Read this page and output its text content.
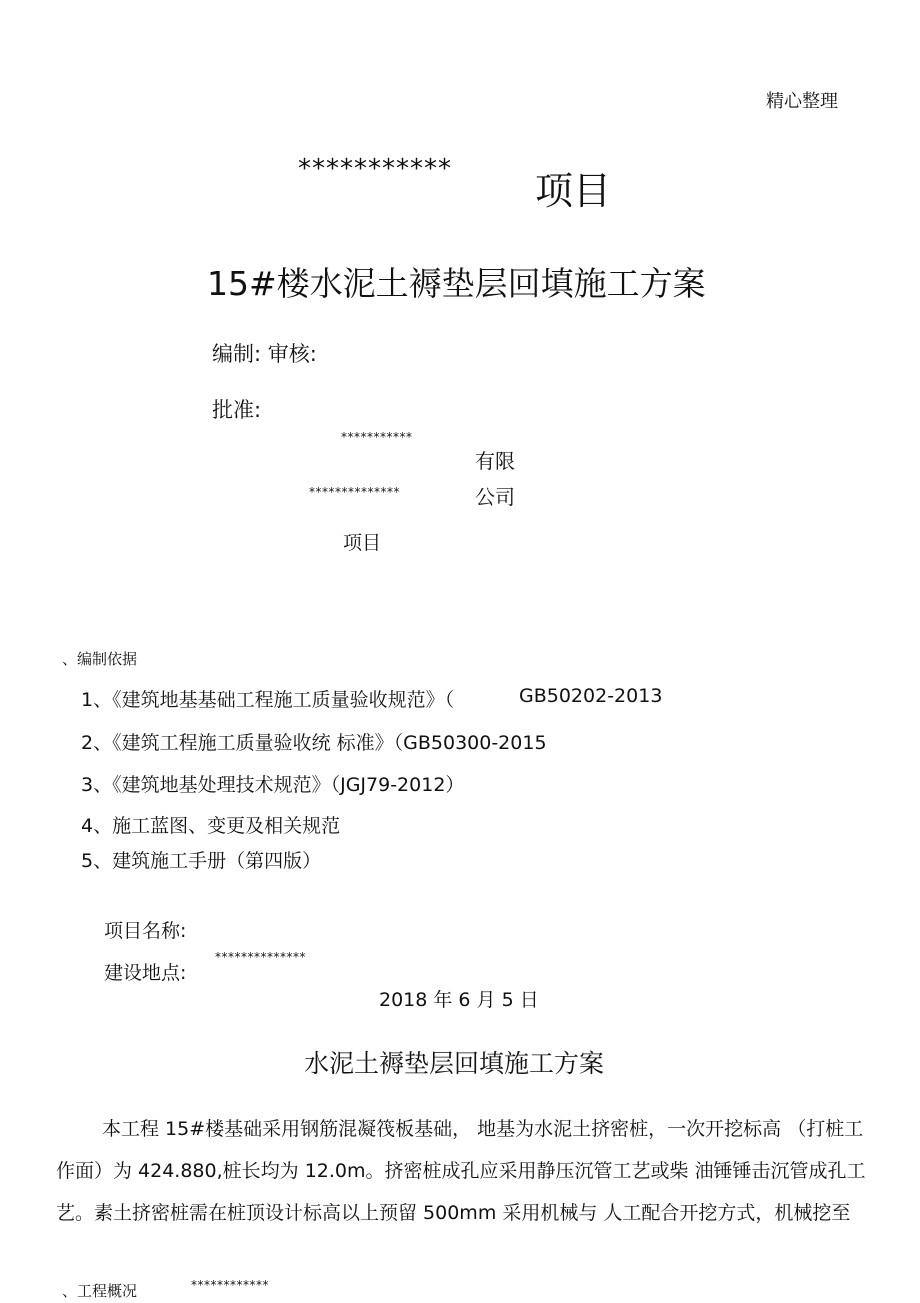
精心整理
*********** 项目
15#楼水泥土褥垫层回填施工方案
编制: 审核:
批准:
***********
有限
**************	公司
项目
、编制依据
1、《建筑地基基础工程施工质量验收规范》（	GB50202-2013
2、《建筑工程施工质量验收统 标准》（GB50300-2015
3、《建筑地基处理技术规范》（JGJ79-2012）
4、施工蓝图、变更及相关规范
5、建筑施工手册（第四版）
项目名称:
**************
建设地点:
2018 年 6 月 5 日
水泥土褥垫层回填施工方案
本工程 15#楼基础采用钢筋混凝筏板基础， 地基为水泥土挤密桩，一次开挖标高 （打桩工
作面）为 424.880,桩长均为 12.0m。挤密桩成孔应采用静压沉管工艺或柴 油锤锤击沉管成孔工
艺。素土挤密桩需在桩顶设计标高以上预留 500mm 采用机械与 人工配合开挖方式，机械挖至
、工程概况	************
